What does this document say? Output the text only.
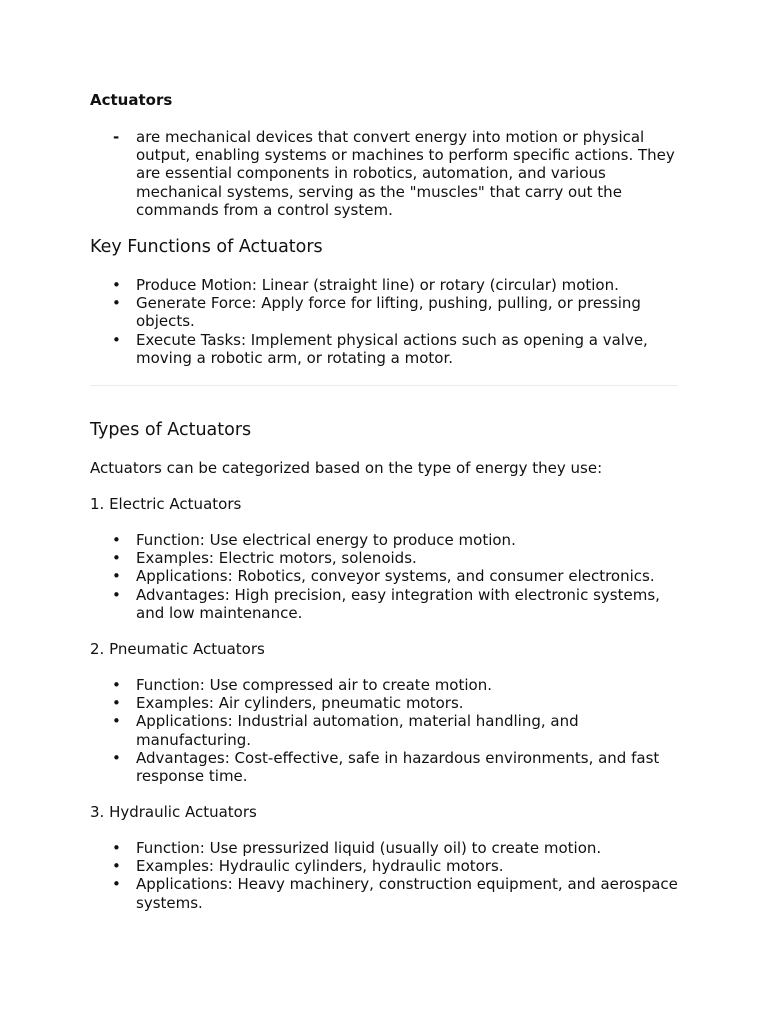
Actuators
- are mechanical devices that convert energy into motion or physical output, enabling systems or machines to perform specific actions. They are essential components in robotics, automation, and various mechanical systems, serving as the "muscles" that carry out the commands from a control system.
Key Functions of Actuators
• Produce Motion: Linear (straight line) or rotary (circular) motion.
• Generate Force: Apply force for lifting, pushing, pulling, or pressing objects.
• Execute Tasks: Implement physical actions such as opening a valve, moving a robotic arm, or rotating a motor.
Types of Actuators
Actuators can be categorized based on the type of energy they use:
1. Electric Actuators
• Function: Use electrical energy to produce motion.
• Examples: Electric motors, solenoids.
• Applications: Robotics, conveyor systems, and consumer electronics.
• Advantages: High precision, easy integration with electronic systems, and low maintenance.
2. Pneumatic Actuators
• Function: Use compressed air to create motion.
• Examples: Air cylinders, pneumatic motors.
• Applications: Industrial automation, material handling, and manufacturing.
• Advantages: Cost-effective, safe in hazardous environments, and fast response time.
3. Hydraulic Actuators
• Function: Use pressurized liquid (usually oil) to create motion.
• Examples: Hydraulic cylinders, hydraulic motors.
• Applications: Heavy machinery, construction equipment, and aerospace systems.
